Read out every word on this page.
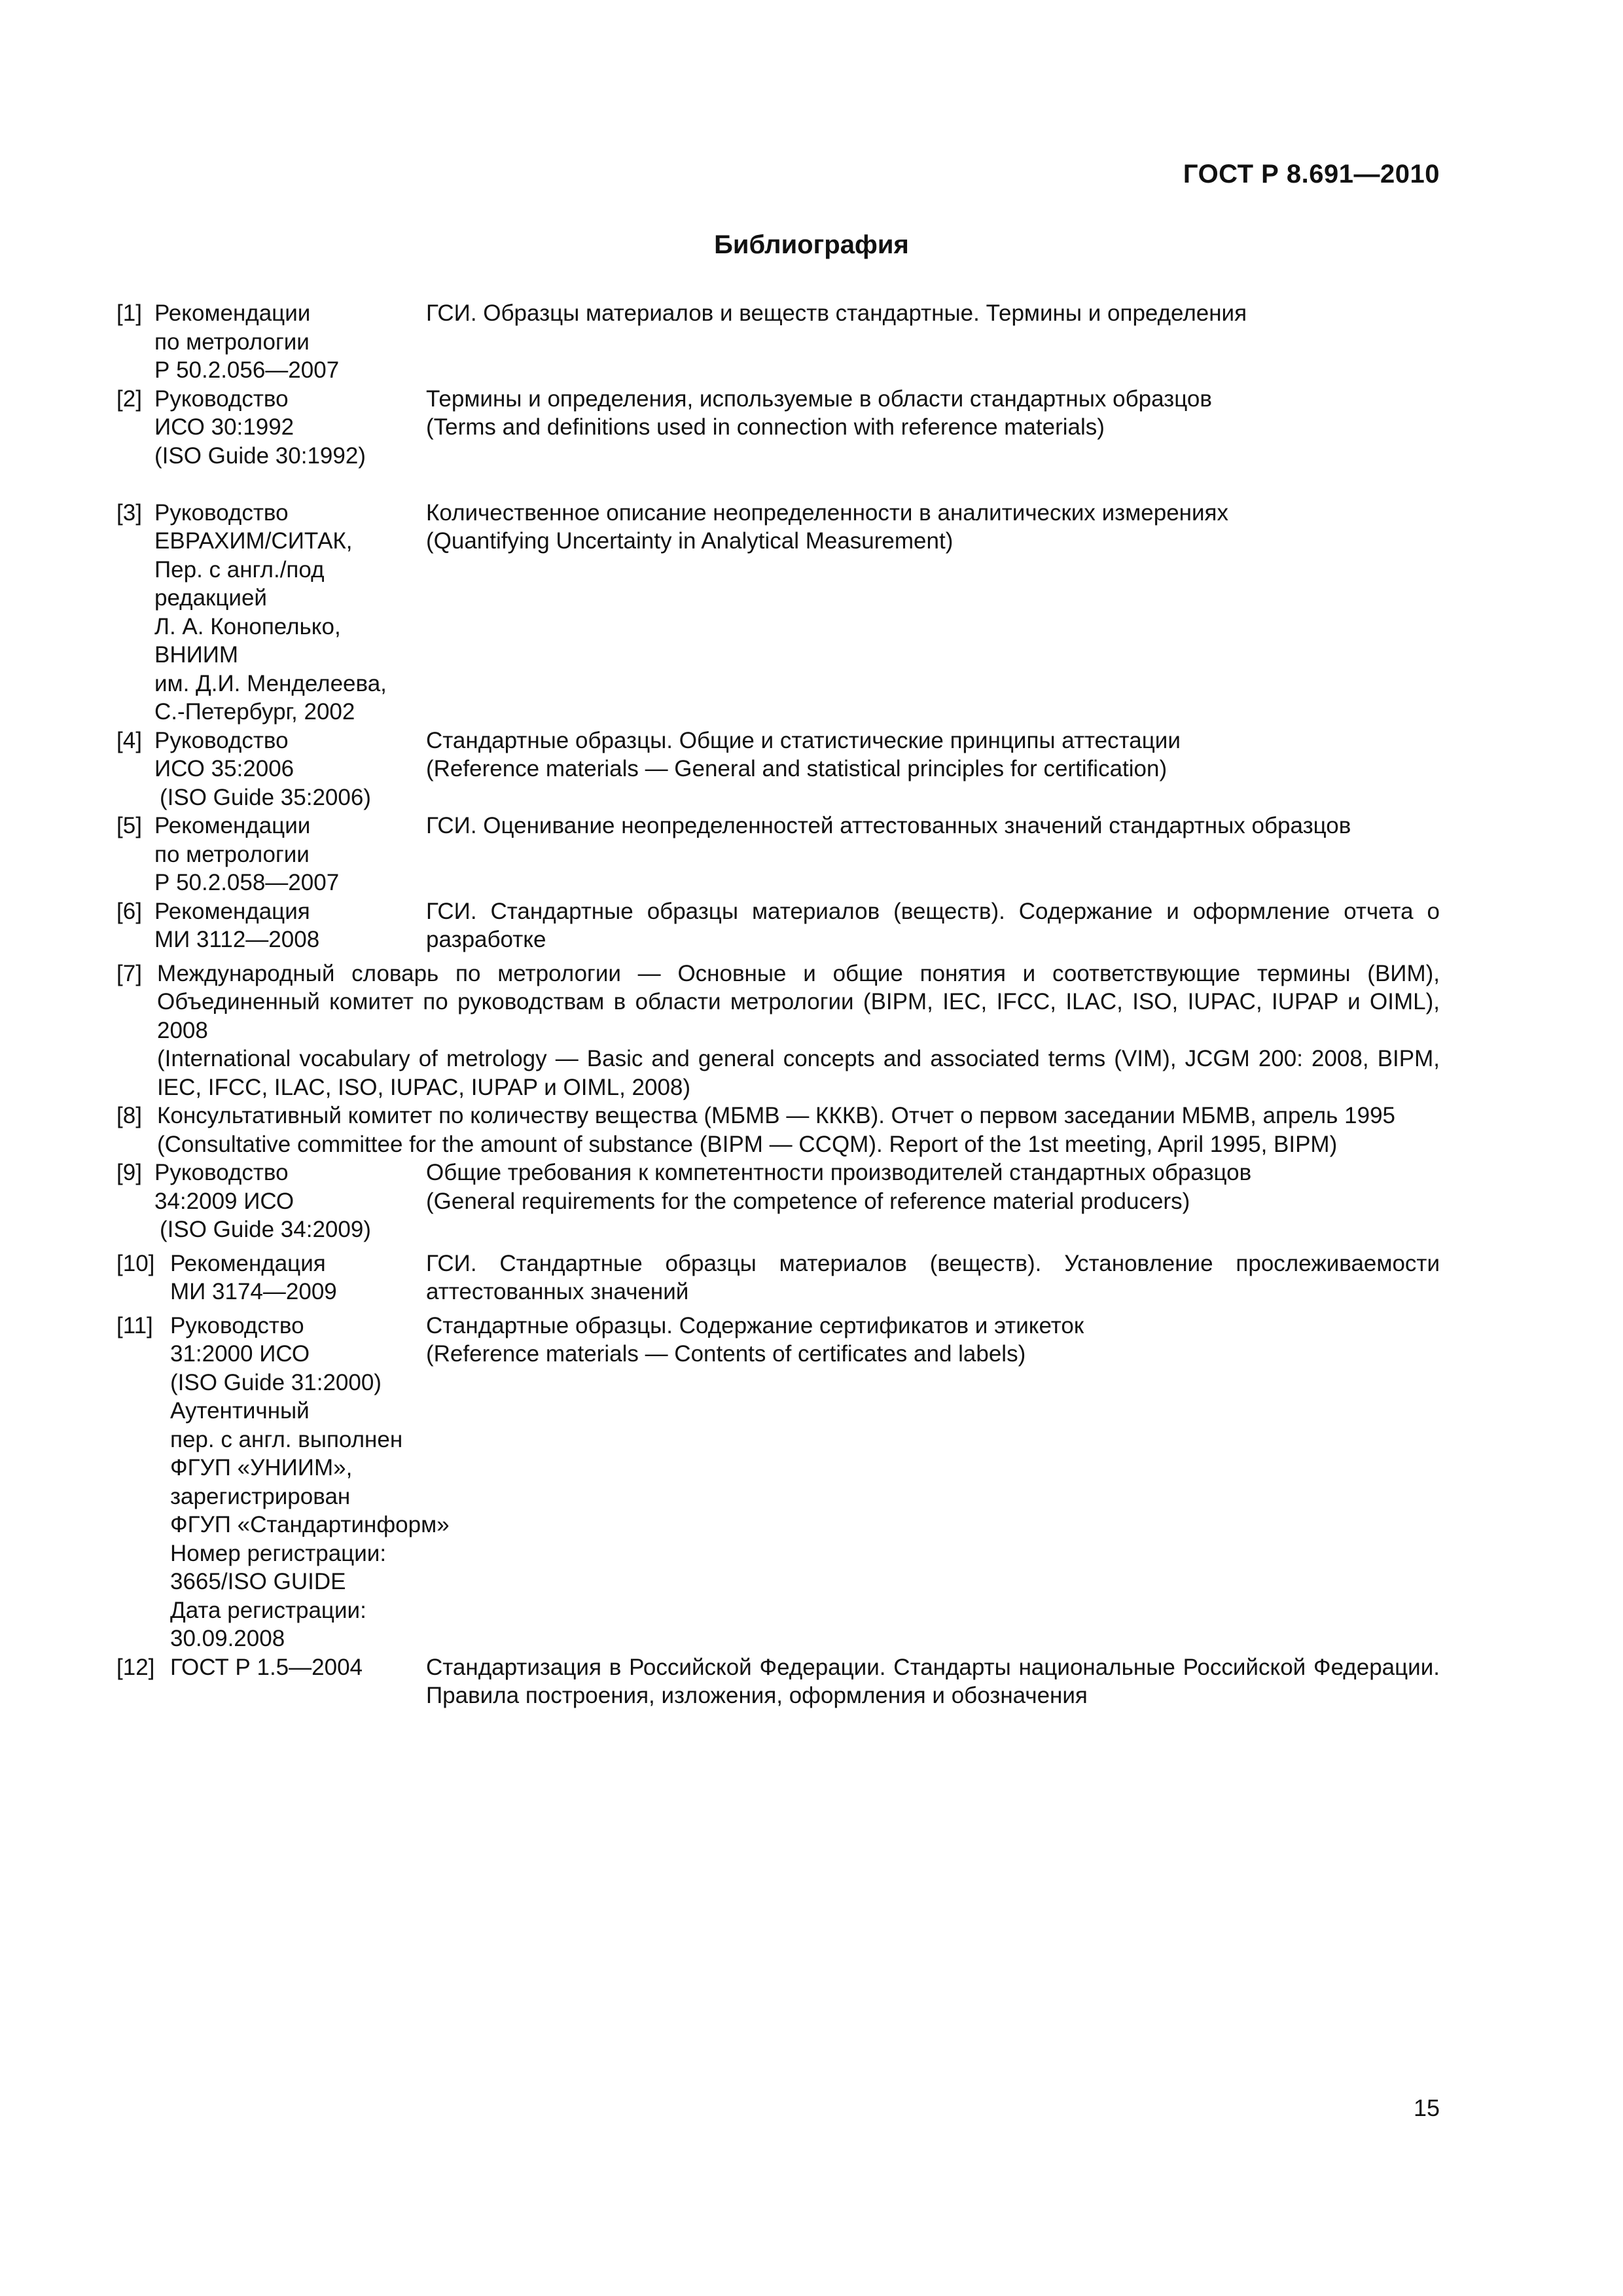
ГОСТ Р 8.691—2010
Библиография
[1] Рекомендации
по метрологии
Р 50.2.056—2007
ГСИ. Образцы материалов и веществ стандартные. Термины и определения
[2] Руководство
ИСО 30:1992
(ISO Guide 30:1992)
Термины и определения, используемые в области стандартных образцов
(Terms and definitions used in connection with reference materials)
[3] Руководство
ЕВРАХИМ/СИТАК,
Пер. с англ./под
редакцией
Л. А. Конопелько,
ВНИИМ
им. Д.И. Менделеева,
С.-Петербург, 2002
Количественное описание неопределенности в аналитических измерениях
(Quantifying Uncertainty in Analytical Measurement)
[4] Руководство
ИСО 35:2006
(ISO Guide 35:2006)
Стандартные образцы. Общие и статистические принципы аттестации
(Reference materials — General and statistical principles for certification)
[5] Рекомендации
по метрологии
Р 50.2.058—2007
ГСИ. Оценивание неопределенностей аттестованных значений стандартных образцов
[6] Рекомендация
МИ 3112—2008
ГСИ. Стандартные образцы материалов (веществ). Содержание и оформление отчета о разработке
[7] Международный словарь по метрологии — Основные и общие понятия и соответствующие термины (ВИМ), Объединенный комитет по руководствам в области метрологии (BIPM, IEC, IFCC, ILAC, ISO, IUPAC, IUPAP и OIML), 2008
(International vocabulary of metrology — Basic and general concepts and associated terms (VIM), JCGM 200: 2008, BIPM, IEC, IFCC, ILAC, ISO, IUPAC, IUPAP и OIML, 2008)
[8] Консультативный комитет по количеству вещества (МБМВ — КККВ). Отчет о первом заседании МБМВ, апрель 1995
(Consultative committee for the amount of substance (BIPM — CCQM). Report of the 1st meeting, April 1995, BIPM)
[9] Руководство
34:2009 ИСО
(ISO Guide 34:2009)
Общие требования к компетентности производителей стандартных образцов
(General requirements for the competence of reference material producers)
[10] Рекомендация
МИ 3174—2009
ГСИ. Стандартные образцы материалов (веществ). Установление прослеживаемости аттестованных значений
[11] Руководство
31:2000 ИСО
(ISO Guide 31:2000)
Аутентичный
пер. с англ. выполнен
ФГУП «УНИИМ»,
зарегистрирован
ФГУП «Стандартинформ»
Номер регистрации:
3665/ISO GUIDE
Дата регистрации:
30.09.2008
Стандартные образцы. Содержание сертификатов и этикеток
(Reference materials — Contents of certificates and labels)
[12] ГОСТ Р 1.5—2004	Стандартизация в Российской Федерации. Стандарты национальные Российской Федерации. Правила построения, изложения, оформления и обозначения
15
